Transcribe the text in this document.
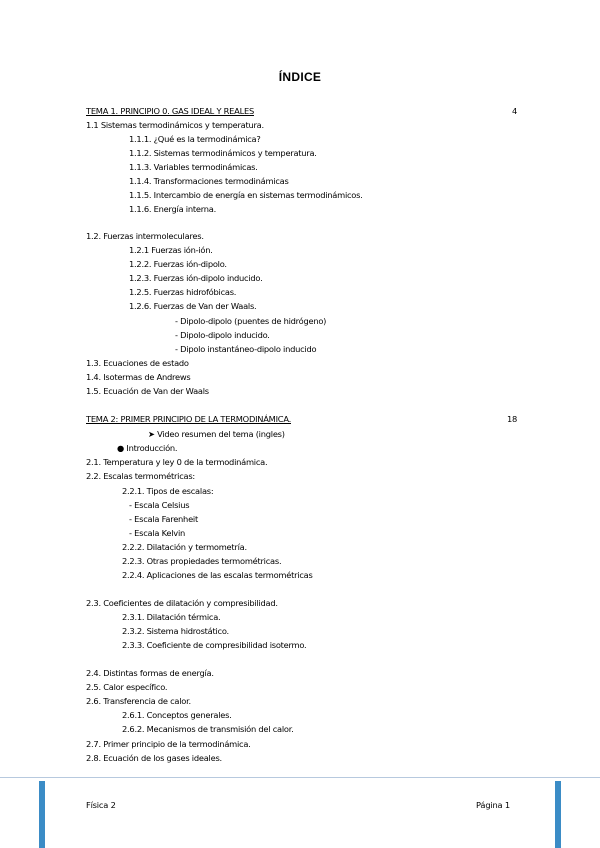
ÍNDICE
TEMA 1. PRINCIPIO 0. GAS IDEAL Y REALES	4
1.1 Sistemas termodinámicos y temperatura.
1.1.1. ¿Qué es la termodinámica?
1.1.2. Sistemas termodinámicos y temperatura.
1.1.3. Variables termodinámicas.
1.1.4. Transformaciones termodinámicas
1.1.5. Intercambio de energía en sistemas termodinámicos.
1.1.6. Energía interna.
1.2. Fuerzas intermoleculares.
1.2.1 Fuerzas ión-ión.
1.2.2. Fuerzas ión-dipolo.
1.2.3. Fuerzas ión-dipolo inducido.
1.2.5. Fuerzas hidrofóbicas.
1.2.6. Fuerzas de Van der Waals.
- Dipolo-dipolo (puentes de hidrógeno)
- Dipolo-dipolo inducido.
- Dipolo instantáneo-dipolo inducido
1.3. Ecuaciones de estado
1.4. Isotermas de Andrews
1.5. Ecuación de Van der Waals
TEMA 2: PRIMER PRINCIPIO DE LA TERMODINÁMICA.	18
➤ Video resumen del tema (ingles)
● Introducción.
2.1. Temperatura y ley 0 de la termodinámica.
2.2. Escalas termométricas:
2.2.1. Tipos de escalas:
- Escala Celsius
- Escala Farenheit
- Escala Kelvin
2.2.2. Dilatación y termometría.
2.2.3. Otras propiedades termométricas.
2.2.4. Aplicaciones de las escalas termométricas
2.3. Coeficientes de dilatación y compresibilidad.
2.3.1. Dilatación térmica.
2.3.2. Sistema hidrostático.
2.3.3. Coeficiente de compresibilidad isotermo.
2.4. Distintas formas de energía.
2.5. Calor específico.
2.6. Transferencia de calor.
2.6.1. Conceptos generales.
2.6.2. Mecanismos de transmisión del calor.
2.7. Primer principio de la termodinámica.
2.8. Ecuación de los gases ideales.
Física 2	Página 1
